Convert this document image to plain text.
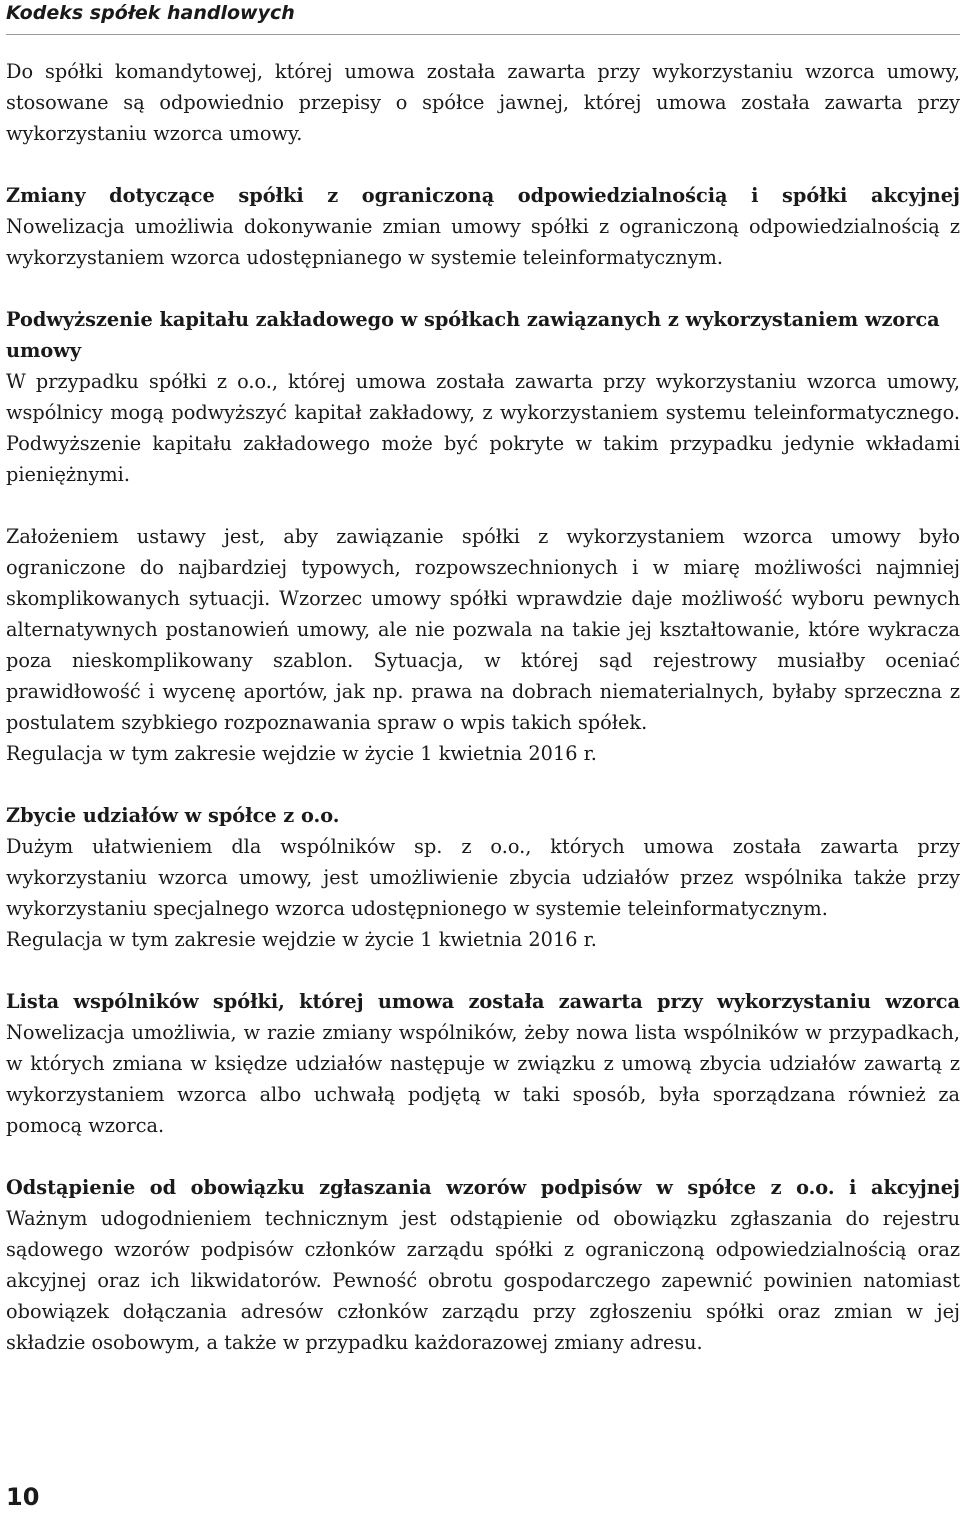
Kodeks spółek handlowych

Do spółki komandytowej, której umowa została zawarta przy wykorzystaniu wzorca umowy, stosowane są odpowiednio przepisy o spółce jawnej, której umowa została zawarta przy wykorzystaniu wzorca umowy.

Zmiany dotyczące spółki z ograniczoną odpowiedzialnością i spółki akcyjnej

Nowelizacja umożliwia dokonywanie zmian umowy spółki z ograniczoną odpowiedzialnością z wykorzystaniem wzorca udostępnianego w systemie teleinformatycznym.

Podwyższenie kapitału zakładowego w spółkach zawiązanych z wykorzystaniem wzorca umowy

W przypadku spółki z o.o., której umowa została zawarta przy wykorzystaniu wzorca umowy, wspólnicy mogą podwyższyć kapitał zakładowy, z wykorzystaniem systemu teleinformatycznego. Podwyższenie kapitału zakładowego może być pokryte w takim przypadku jedynie wkładami pieniężnymi.

Założeniem ustawy jest, aby zawiązanie spółki z wykorzystaniem wzorca umowy było ograniczone do najbardziej typowych, rozpowszechnionych i w miarę możliwości najmniej skomplikowanych sytuacji. Wzorzec umowy spółki wprawdzie daje możliwość wyboru pewnych alternatywnych postanowień umowy, ale nie pozwala na takie jej kształtowanie, które wykracza poza nieskomplikowany szablon. Sytuacja, w której sąd rejestrowy musiałby oceniać prawidłowość i wycenę aportów, jak np. prawa na dobrach niematerialnych, byłaby sprzeczna z postulatem szybkiego rozpoznawania spraw o wpis takich spółek.

Regulacja w tym zakresie wejdzie w życie 1 kwietnia 2016 r.

Zbycie udziałów w spółce z o.o.

Dużym ułatwieniem dla wspólników sp. z o.o., których umowa została zawarta przy wykorzystaniu wzorca umowy, jest umożliwienie zbycia udziałów przez wspólnika także przy wykorzystaniu specjalnego wzorca udostępnionego w systemie teleinformatycznym.

Regulacja w tym zakresie wejdzie w życie 1 kwietnia 2016 r.

Lista wspólników spółki, której umowa została zawarta przy wykorzystaniu wzorca

Nowelizacja umożliwia, w razie zmiany wspólników, żeby nowa lista wspólników w przypadkach, w których zmiana w księdze udziałów następuje w związku z umową zbycia udziałów zawartą z wykorzystaniem wzorca albo uchwałą podjętą w taki sposób, była sporządzana również za pomocą wzorca.

Odstąpienie od obowiązku zgłaszania wzorów podpisów w spółce z o.o. i akcyjnej

Ważnym udogodnieniem technicznym jest odstąpienie od obowiązku zgłaszania do rejestru sądowego wzorów podpisów członków zarządu spółki z ograniczoną odpowiedzialnością oraz akcyjnej oraz ich likwidatorów. Pewność obrotu gospodarczego zapewnić powinien natomiast obowiązek dołączania adresów członków zarządu przy zgłoszeniu spółki oraz zmian w jej składzie osobowym, a także w przypadku każdorazowej zmiany adresu.

10
